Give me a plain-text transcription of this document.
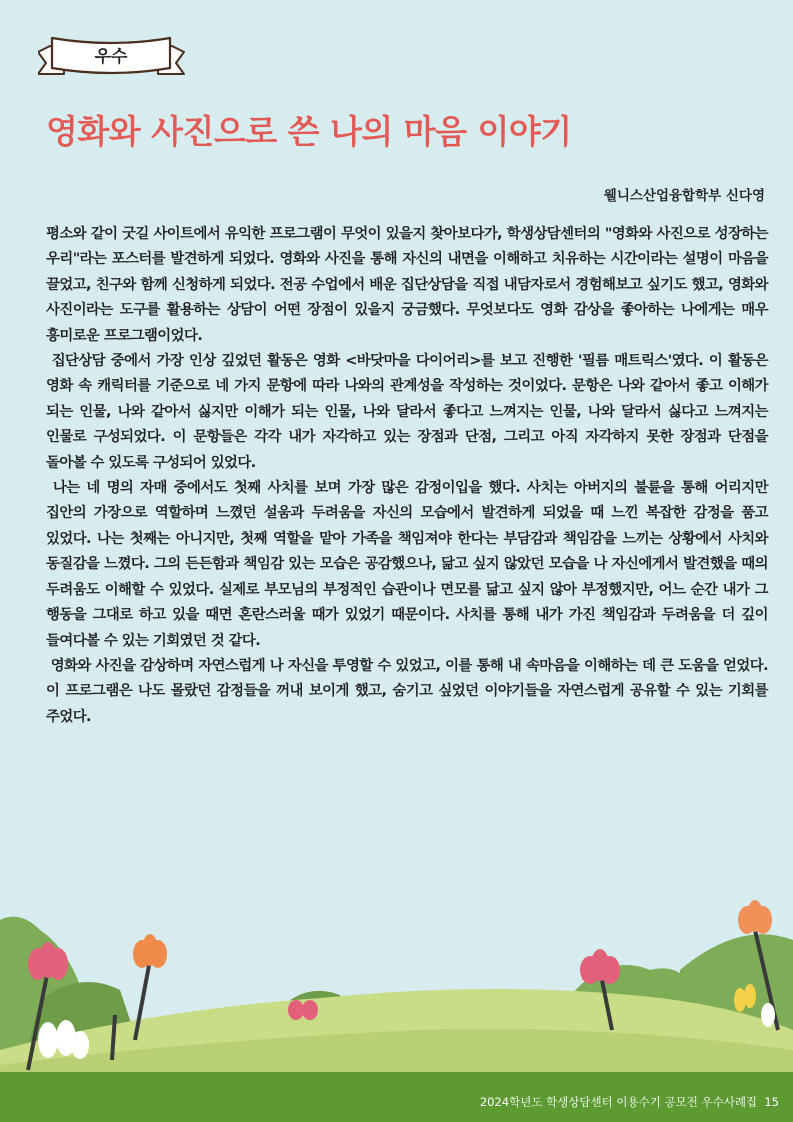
우수
영화와 사진으로 쓴 나의 마음 이야기
웰니스산업융합학부 신다영

평소와 같이 굿길 사이트에서 유익한 프로그램이 무엇이 있을지 찾아보다가, 학생상담센터의 "영화와 사진으로 성장하는 우리"라는 포스터를 발견하게 되었다. 영화와 사진을 통해 자신의 내면을 이해하고 치유하는 시간이라는 설명이 마음을 끌었고, 친구와 함께 신청하게 되었다. 전공 수업에서 배운 집단상담을 직접 내담자로서 경험해보고 싶기도 했고, 영화와 사진이라는 도구를 활용하는 상담이 어떤 장점이 있을지 궁금했다. 무엇보다도 영화 감상을 좋아하는 나에게는 매우 흥미로운 프로그램이었다.

집단상담 중에서 가장 인상 깊었던 활동은 영화 <바닷마을 다이어리>를 보고 진행한 '필름 매트릭스'였다. 이 활동은 영화 속 캐릭터를 기준으로 네 가지 문항에 따라 나와의 관계성을 작성하는 것이었다. 문항은 나와 같아서 좋고 이해가 되는 인물, 나와 같아서 싫지만 이해가 되는 인물, 나와 달라서 좋다고 느껴지는 인물, 나와 달라서 싫다고 느껴지는 인물로 구성되었다. 이 문항들은 각각 내가 자각하고 있는 장점과 단점, 그리고 아직 자각하지 못한 장점과 단점을 돌아볼 수 있도록 구성되어 있었다.

나는 네 명의 자매 중에서도 첫째 사치를 보며 가장 많은 감정이입을 했다. 사치는 아버지의 불륜을 통해 어리지만 집안의 가장으로 역할하며 느꼈던 설움과 두려움을 자신의 모습에서 발견하게 되었을 때 느낀 복잡한 감정을 품고 있었다. 나는 첫째는 아니지만, 첫째 역할을 맡아 가족을 책임져야 한다는 부담감과 책임감을 느끼는 상황에서 사치와 동질감을 느꼈다. 그의 든든함과 책임감 있는 모습은 공감했으나, 닮고 싶지 않았던 모습을 나 자신에게서 발견했을 때의 두려움도 이해할 수 있었다. 실제로 부모님의 부정적인 습관이나 면모를 닮고 싶지 않아 부정했지만, 어느 순간 내가 그 행동을 그대로 하고 있을 때면 혼란스러울 때가 있었기 때문이다. 사치를 통해 내가 가진 책임감과 두려움을 더 깊이 들여다볼 수 있는 기회였던 것 같다.

영화와 사진을 감상하며 자연스럽게 나 자신을 투영할 수 있었고, 이를 통해 내 속마음을 이해하는 데 큰 도움을 얻었다. 이 프로그램은 나도 몰랐던 감정들을 꺼내 보이게 했고, 숨기고 싶었던 이야기들을 자연스럽게 공유할 수 있는 기회를 주었다.

2024학년도 학생상담센터 이용수기 공모전 우수사례집 15
